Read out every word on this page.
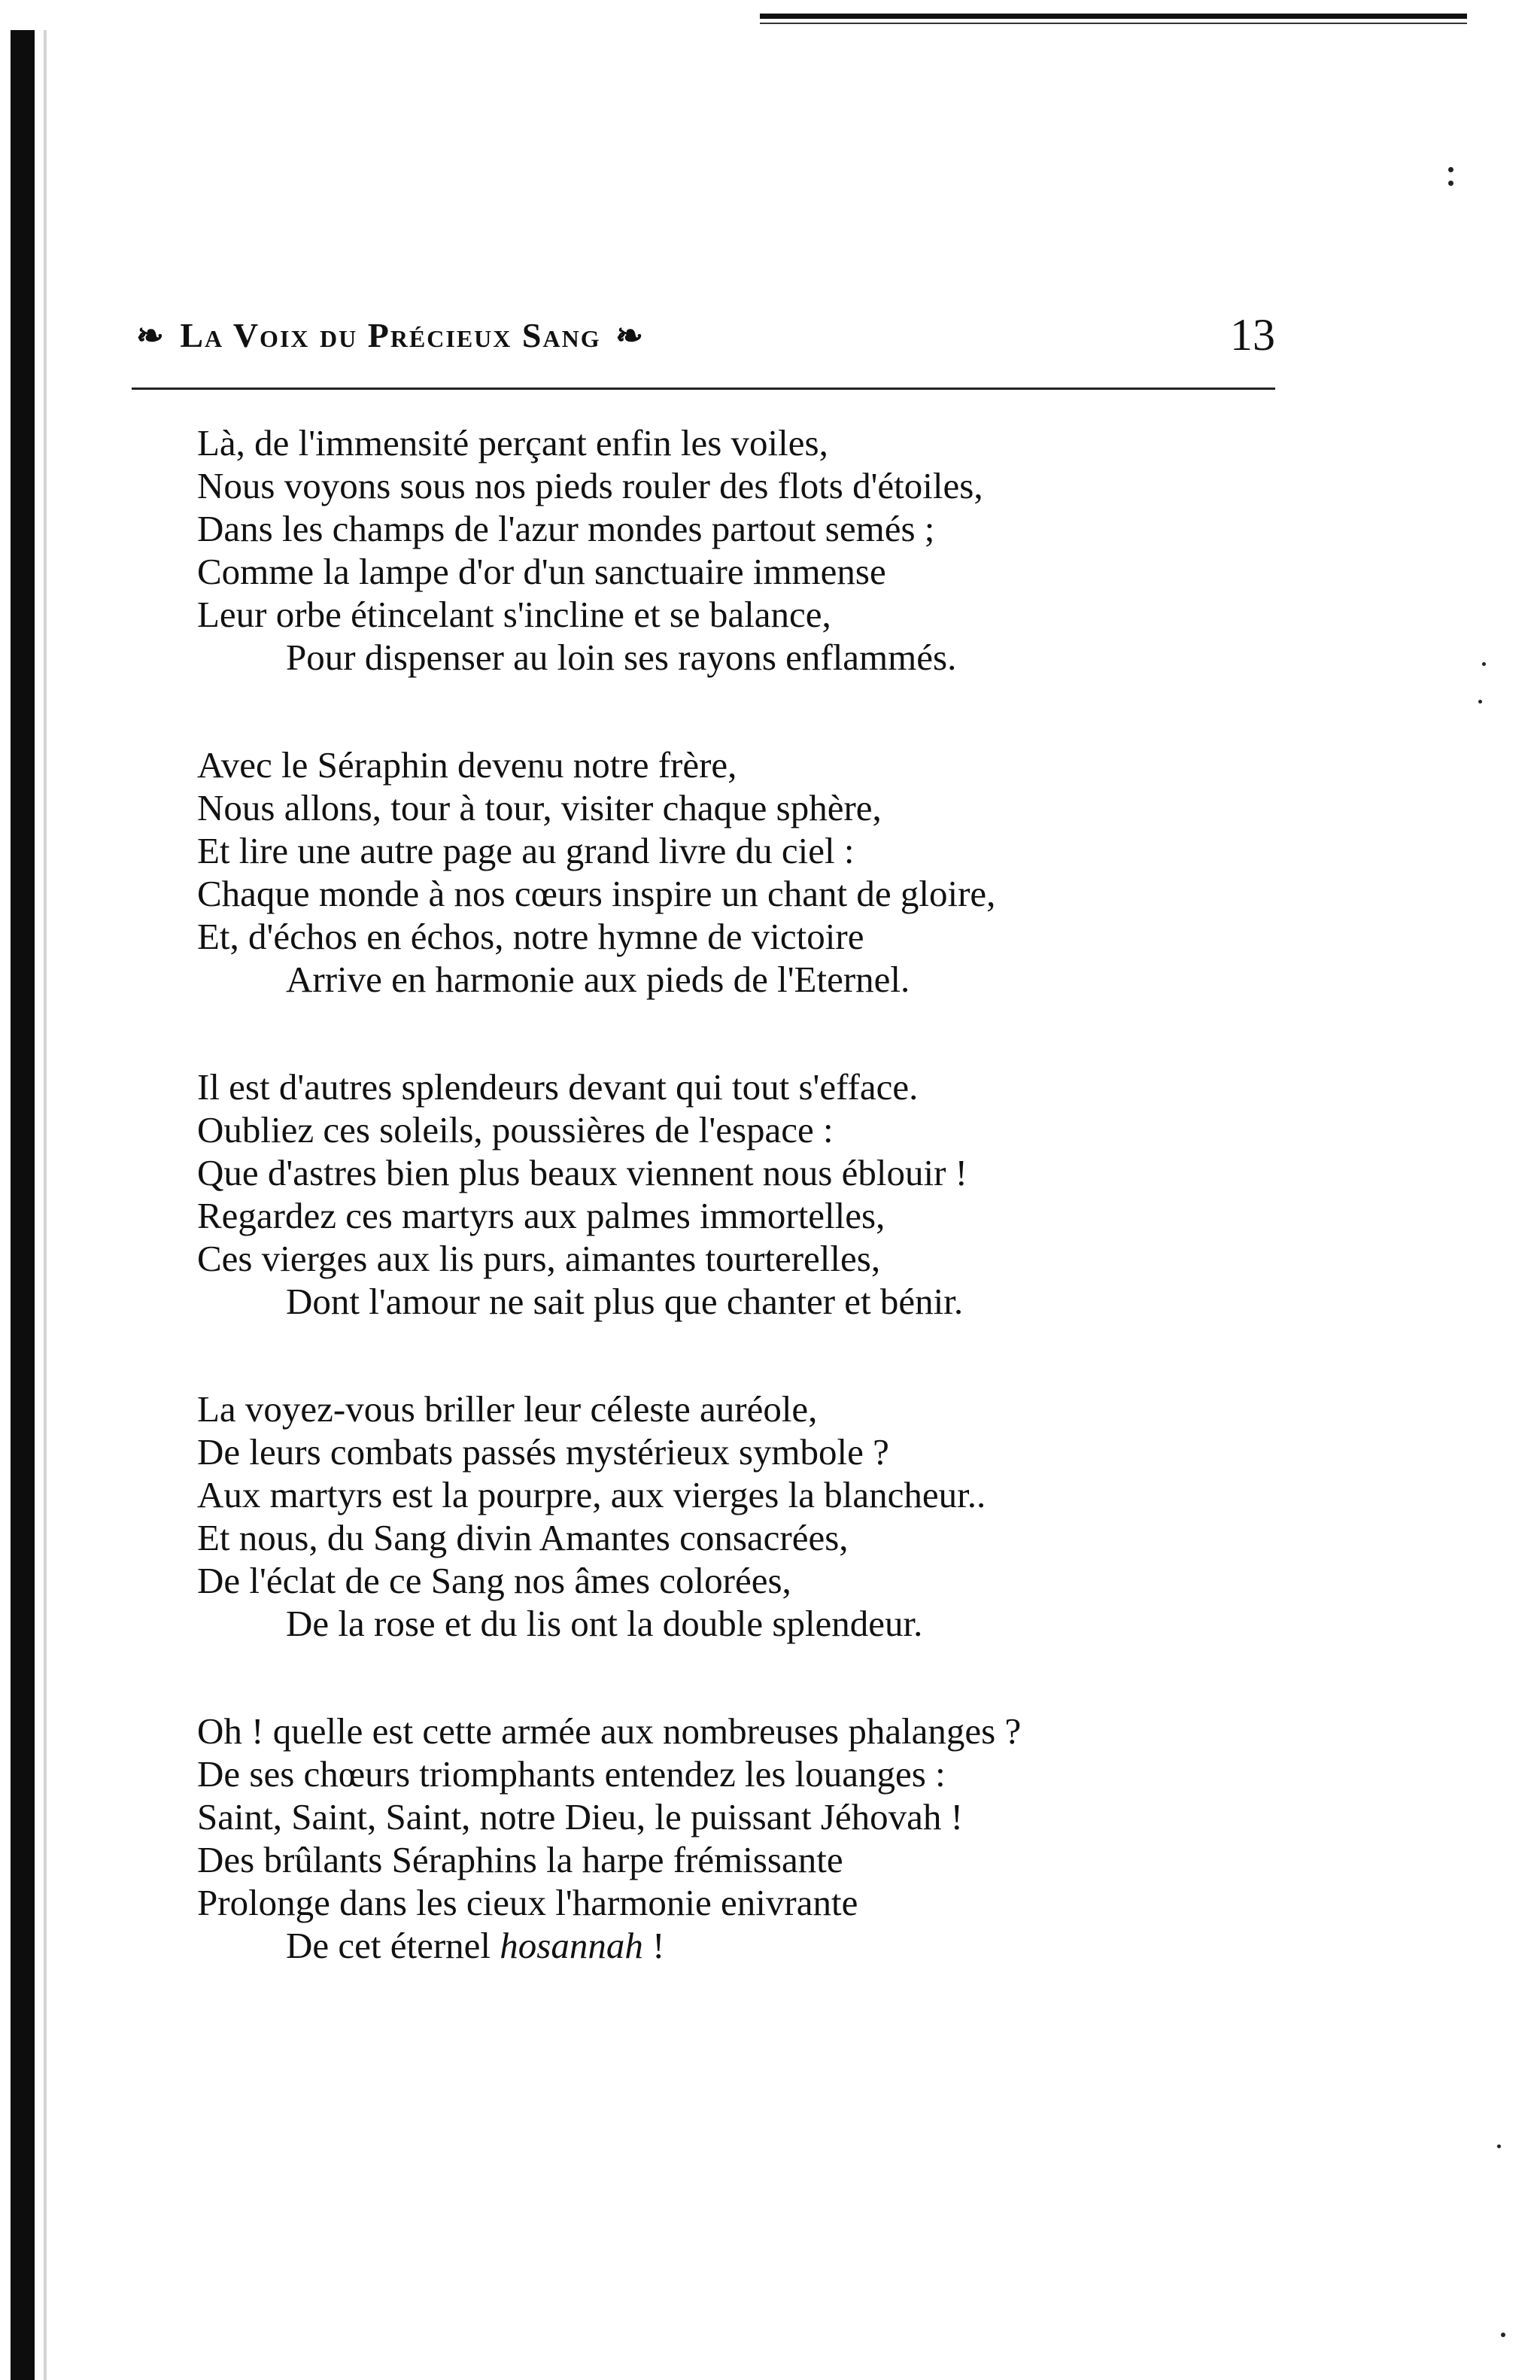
❧ La Voix du Précieux Sang ❧	13
Là, de l'immensité perçant enfin les voiles,
Nous voyons sous nos pieds rouler des flots d'étoiles,
Dans les champs de l'azur mondes partout semés ;
Comme la lampe d'or d'un sanctuaire immense
Leur orbe étincelant s'incline et se balance,
Pour dispenser au loin ses rayons enflammés.
Avec le Séraphin devenu notre frère,
Nous allons, tour à tour, visiter chaque sphère,
Et lire une autre page au grand livre du ciel :
Chaque monde à nos cœurs inspire un chant de gloire,
Et, d'échos en échos, notre hymne de victoire
Arrive en harmonie aux pieds de l'Eternel.
Il est d'autres splendeurs devant qui tout s'efface.
Oubliez ces soleils, poussières de l'espace :
Que d'astres bien plus beaux viennent nous éblouir !
Regardez ces martyrs aux palmes immortelles,
Ces vierges aux lis purs, aimantes tourterelles,
Dont l'amour ne sait plus que chanter et bénir.
La voyez-vous briller leur céleste auréole,
De leurs combats passés mystérieux symbole ?
Aux martyrs est la pourpre, aux vierges la blancheur..
Et nous, du Sang divin Amantes consacrées,
De l'éclat de ce Sang nos âmes colorées,
De la rose et du lis ont la double splendeur.
Oh ! quelle est cette armée aux nombreuses phalanges ?
De ses chœurs triomphants entendez les louanges :
Saint, Saint, Saint, notre Dieu, le puissant Jéhovah !
Des brûlants Séraphins la harpe frémissante
Prolonge dans les cieux l'harmonie enivrante
De cet éternel hosannah !
